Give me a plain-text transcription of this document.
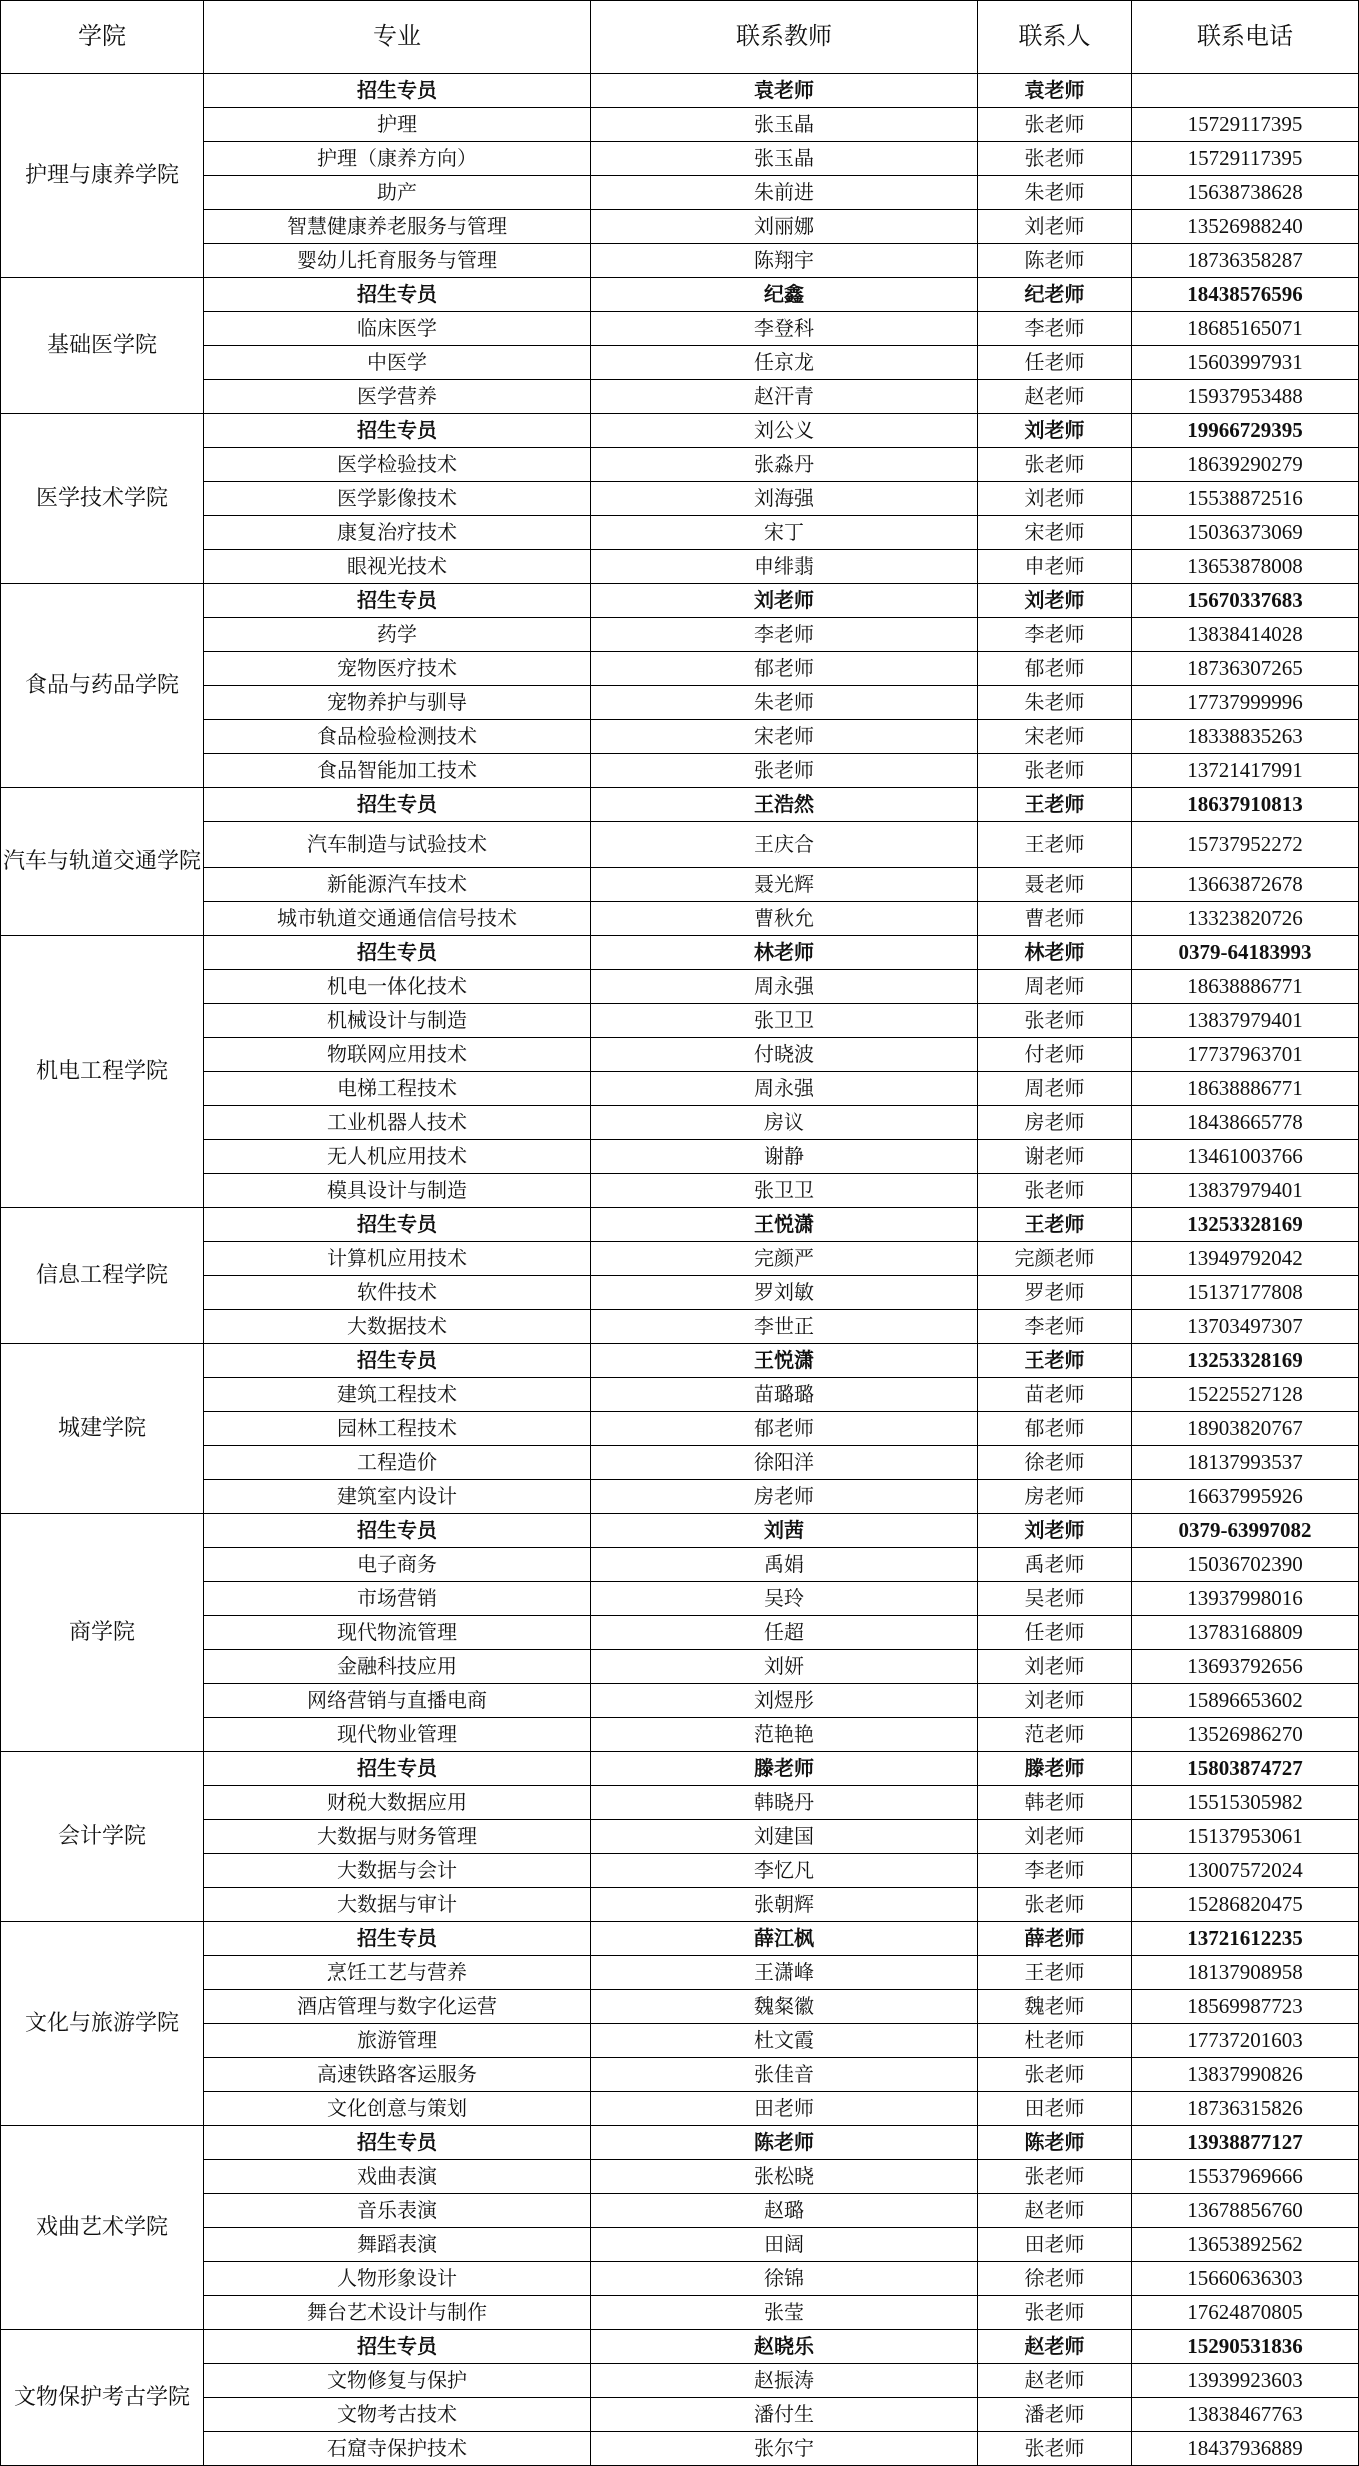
学院	专业	联系教师	联系人	联系电话
护理与康养学院	招生专员	袁老师	袁老师	
	护理	张玉晶	张老师	15729117395
	护理（康养方向）	张玉晶	张老师	15729117395
	助产	朱前进	朱老师	15638738628
	智慧健康养老服务与管理	刘丽娜	刘老师	13526988240
	婴幼儿托育服务与管理	陈翔宇	陈老师	18736358287
基础医学院	招生专员	纪鑫	纪老师	18438576596
	临床医学	李登科	李老师	18685165071
	中医学	任京龙	任老师	15603997931
	医学营养	赵汗青	赵老师	15937953488
医学技术学院	招生专员	刘公义	刘老师	19966729395
	医学检验技术	张淼丹	张老师	18639290279
	医学影像技术	刘海强	刘老师	15538872516
	康复治疗技术	宋丁	宋老师	15036373069
	眼视光技术	申绯翡	申老师	13653878008
食品与药品学院	招生专员	刘老师	刘老师	15670337683
	药学	李老师	李老师	13838414028
	宠物医疗技术	郁老师	郁老师	18736307265
	宠物养护与驯导	朱老师	朱老师	17737999996
	食品检验检测技术	宋老师	宋老师	18338835263
	食品智能加工技术	张老师	张老师	13721417991
汽车与轨道交通学院	招生专员	王浩然	王老师	18637910813
	汽车制造与试验技术	王庆合	王老师	15737952272
	新能源汽车技术	聂光辉	聂老师	13663872678
	城市轨道交通通信信号技术	曹秋允	曹老师	13323820726
机电工程学院	招生专员	林老师	林老师	0379-64183993
	机电一体化技术	周永强	周老师	18638886771
	机械设计与制造	张卫卫	张老师	13837979401
	物联网应用技术	付晓波	付老师	17737963701
	电梯工程技术	周永强	周老师	18638886771
	工业机器人技术	房议	房老师	18438665778
	无人机应用技术	谢静	谢老师	13461003766
	模具设计与制造	张卫卫	张老师	13837979401
信息工程学院	招生专员	王悦潇	王老师	13253328169
	计算机应用技术	完颜严	完颜老师	13949792042
	软件技术	罗刘敏	罗老师	15137177808
	大数据技术	李世正	李老师	13703497307
城建学院	招生专员	王悦潇	王老师	13253328169
	建筑工程技术	苗璐璐	苗老师	15225527128
	园林工程技术	郁老师	郁老师	18903820767
	工程造价	徐阳洋	徐老师	18137993537
	建筑室内设计	房老师	房老师	16637995926
商学院	招生专员	刘茜	刘老师	0379-63997082
	电子商务	禹娟	禹老师	15036702390
	市场营销	吴玲	吴老师	13937998016
	现代物流管理	任超	任老师	13783168809
	金融科技应用	刘妍	刘老师	13693792656
	网络营销与直播电商	刘煜彤	刘老师	15896653602
	现代物业管理	范艳艳	范老师	13526986270
会计学院	招生专员	滕老师	滕老师	15803874727
	财税大数据应用	韩晓丹	韩老师	15515305982
	大数据与财务管理	刘建国	刘老师	15137953061
	大数据与会计	李忆凡	李老师	13007572024
	大数据与审计	张朝辉	张老师	15286820475
文化与旅游学院	招生专员	薛江枫	薛老师	13721612235
	烹饪工艺与营养	王潇峰	王老师	18137908958
	酒店管理与数字化运营	魏粲徽	魏老师	18569987723
	旅游管理	杜文霞	杜老师	17737201603
	高速铁路客运服务	张佳音	张老师	13837990826
	文化创意与策划	田老师	田老师	18736315826
戏曲艺术学院	招生专员	陈老师	陈老师	13938877127
	戏曲表演	张松晓	张老师	15537969666
	音乐表演	赵璐	赵老师	13678856760
	舞蹈表演	田阔	田老师	13653892562
	人物形象设计	徐锦	徐老师	15660636303
	舞台艺术设计与制作	张莹	张老师	17624870805
文物保护考古学院	招生专员	赵晓乐	赵老师	15290531836
	文物修复与保护	赵振涛	赵老师	13939923603
	文物考古技术	潘付生	潘老师	13838467763
	石窟寺保护技术	张尔宁	张老师	18437936889
